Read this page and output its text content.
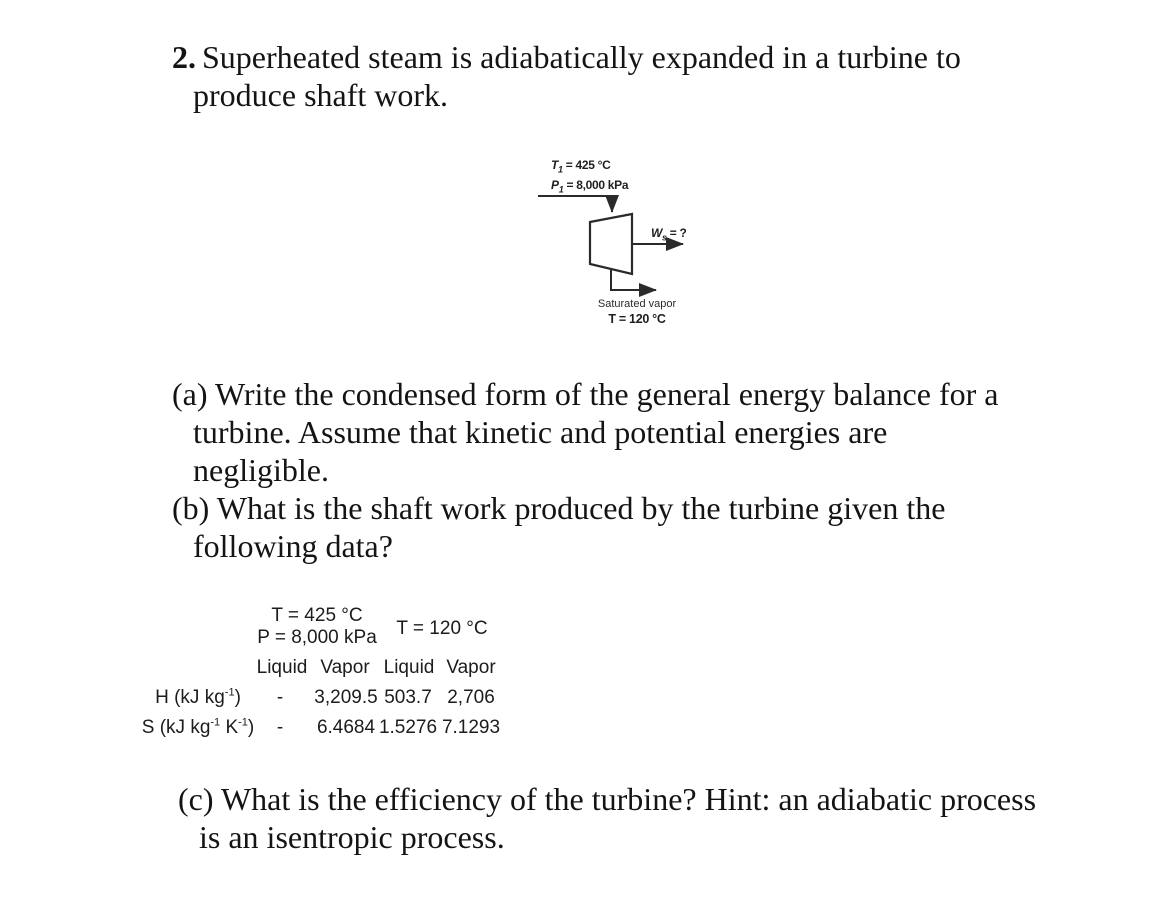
2. Superheated steam is adiabatically expanded in a turbine to
produce shaft work.
$T_1 = 425$ °C
$P_1 = 8,000$ kPa
$W_s$ = ?
Saturated vapor
T = 120 °C
(a) Write the condensed form of the general energy balance for a
turbine. Assume that kinetic and potential energies are
negligible.
(b) What is the shaft work produced by the turbine given the
following data?
T = 425 °C
P = 8,000 kPa T = 120 °C
Liquid Vapor Liquid Vapor
H (kJ $kg^{-1}) - 3,209.5$ 503.7 2,706
S (kJ $kg^{-1}$ $K^{-1}) - 6.4684$ 1.5276 7.1293
(c) What is the efficiency of the turbine? Hint: an adiabatic process
is an isentropic process.
